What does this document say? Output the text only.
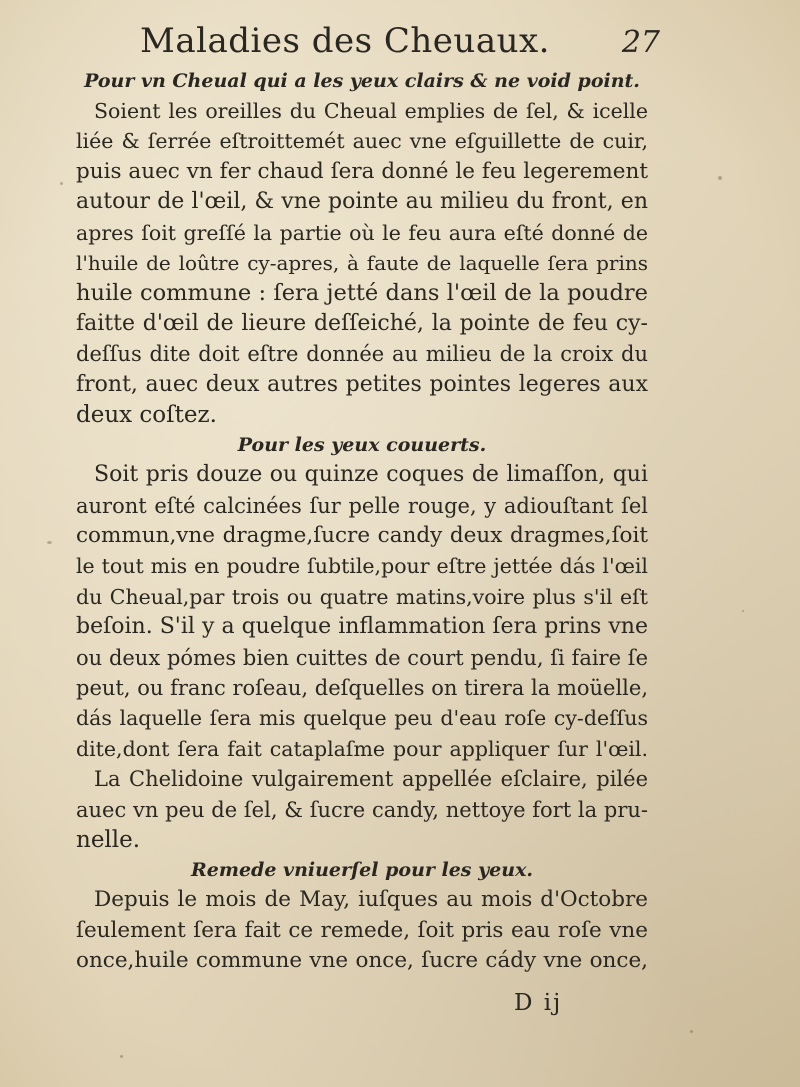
Maladies des Cheuaux. 27
Pour vn Cheual qui a les yeux clairs & ne void point.
Soient les oreilles du Cheual emplies de ſel, & icelle
liée & ſerrée eſtroittemét auec vne eſguillette de cuir,
puis auec vn fer chaud ſera donné le feu legerement
autour de l'œil, & vne pointe au milieu du front, en
apres ſoit greſſé la partie où le feu aura eſté donné de
l'huile de loûtre cy-apres, à faute de laquelle ſera prins
huile commune : ſera jetté dans l'œil de la poudre
faitte d'œil de lieure deſſeiché, la pointe de feu cy-
deſſus dite doit eſtre donnée au milieu de la croix du
front, auec deux autres petites pointes legeres aux
deux coſtez.
Pour les yeux couuerts.
Soit pris douze ou quinze coques de limaſſon, qui
auront eſté calcinées ſur pelle rouge, y adiouſtant ſel
commun,vne dragme,ſucre candy deux dragmes,ſoit
le tout mis en poudre ſubtile,pour eſtre jettée dás l'œil
du Cheual,par trois ou quatre matins,voire plus s'il eſt
beſoin. S'il y a quelque inflammation ſera prins vne
ou deux pómes bien cuittes de court pendu, ſi faire ſe
peut, ou franc roſeau, deſquelles on tirera la moüelle,
dás laquelle ſera mis quelque peu d'eau roſe cy-deſſus
dite,dont ſera fait cataplaſme pour appliquer ſur l'œil.
La Chelidoine vulgairement appellée eſclaire, pilée
auec vn peu de ſel, & ſucre candy, nettoye fort la pru-
nelle.
Remede vniuerſel pour les yeux.
Depuis le mois de May, iuſques au mois d'Octobre
ſeulement ſera fait ce remede, ſoit pris eau roſe vne
once,huile commune vne once, ſucre cády vne once,
D ij
